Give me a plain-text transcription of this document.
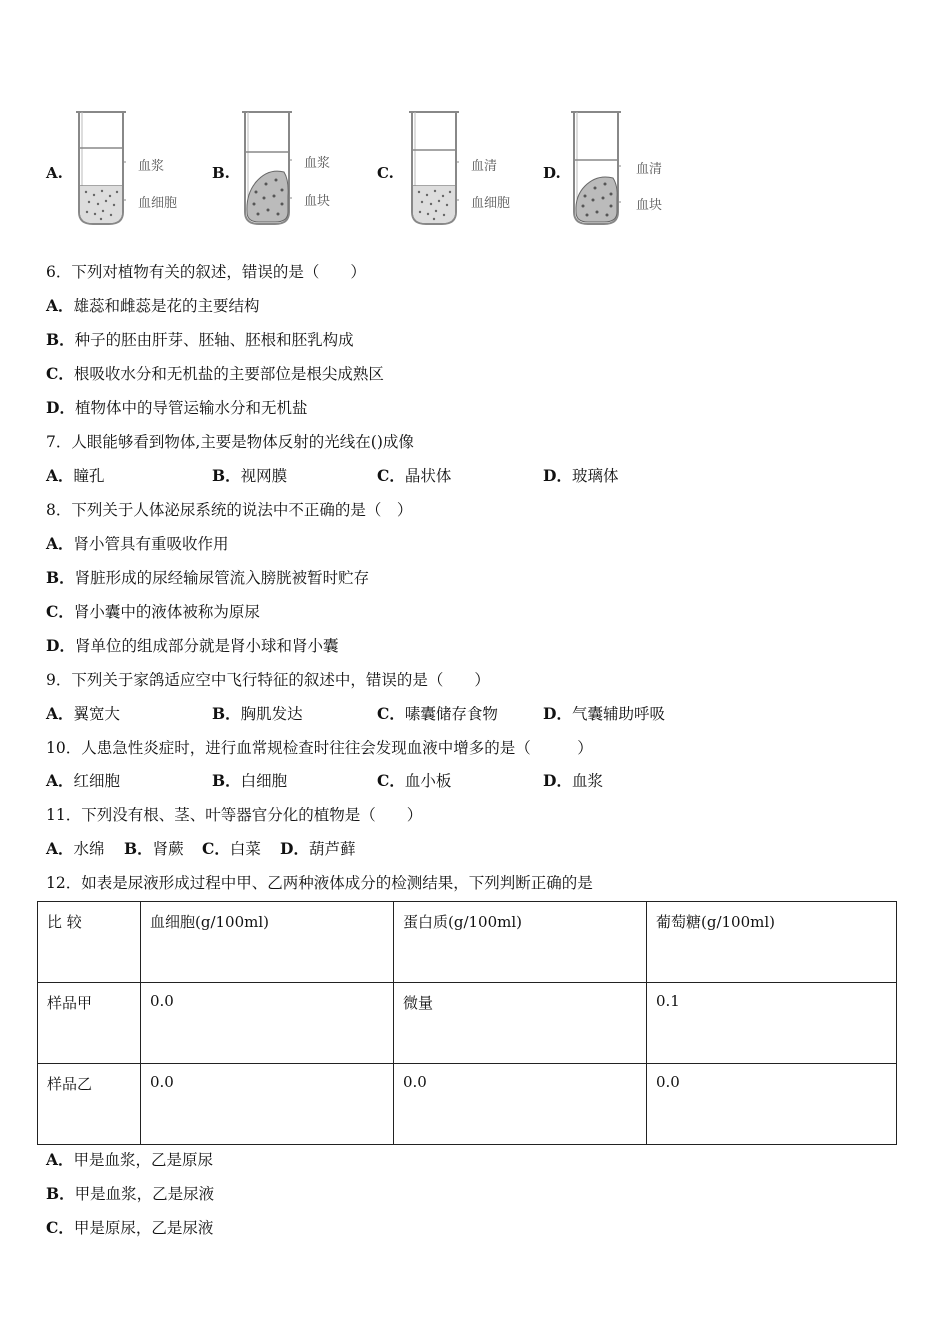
A.	血浆
血细胞
B.
血浆
血块
C.	血清
血细胞
D.	血清
血块
6．下列对植物有关的叙述，错误的是（　　）
A．雄蕊和雌蕊是花的主要结构
B．种子的胚由肝芽、胚轴、胚根和胚乳构成
C．根吸收水分和无机盐的主要部位是根尖成熟区
D．植物体中的导管运输水分和无机盐
7．人眼能够看到物体,主要是物体反射的光线在()成像
A． 瞳孔	B． 视网膜	C． 晶状体	D． 玻璃体
8．下列关于人体泌尿系统的说法中不正确的是（　）
A．肾小管具有重吸收作用
B．肾脏形成的尿经输尿管流入膀胱被暂时贮存
C．肾小囊中的液体被称为原尿
D．肾单位的组成部分就是肾小球和肾小囊
9．下列关于家鸽适应空中飞行特征的叙述中，错误的是（　　）
A． 翼宽大	B． 胸肌发达	C． 嗉囊储存食物	D． 气囊辅助呼吸
10．人患急性炎症时，进行血常规检查时往往会发现血液中增多的是（　　　）
A． 红细胞	B． 白细胞	C． 血小板	D． 血浆
11．下列没有根、茎、叶等器官分化的植物是（　　）
A． 水绵 B． 肾蕨 C． 白菜 D． 葫芦藓
12．如表是尿液形成过程中甲、乙两种液体成分的检测结果，下列判断正确的是
比 较	血细胞(g/100ml)	蛋白质(g/100ml)	葡萄糖(g/100ml)
样品甲	0.0	微量	0.1
样品乙	0.0	0.0	0.0
A．甲是血浆，乙是原尿
B．甲是血浆，乙是尿液
C．甲是原尿，乙是尿液
